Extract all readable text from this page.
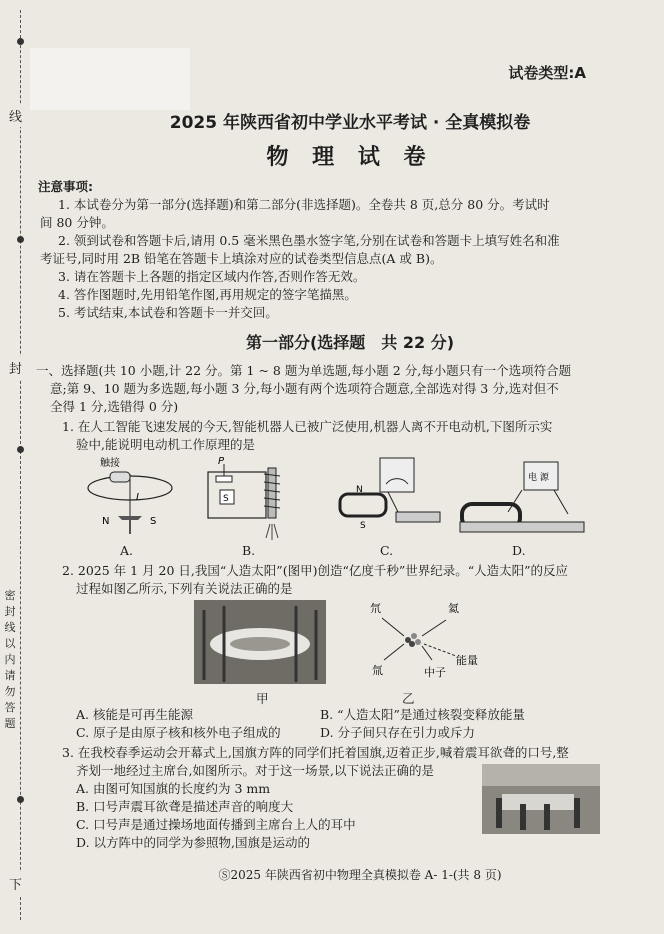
线
封
密封线以内请勿答题
下
试卷类型:A
2025 年陕西省初中学业水平考试 · 全真模拟卷
物 理 试 卷
注意事项:
1. 本试卷分为第一部分(选择题)和第二部分(非选择题)。全卷共 8 页,总分 80 分。考试时
间 80 分钟。
2. 领到试卷和答题卡后,请用 0.5 毫米黑色墨水签字笔,分别在试卷和答题卡上填写姓名和准
考证号,同时用 2B 铅笔在答题卡上填涂对应的试卷类型信息点(A 或 B)。
3. 请在答题卡上各题的指定区域内作答,否则作答无效。
4. 答作图题时,先用铅笔作图,再用规定的签字笔描黑。
5. 考试结束,本试卷和答题卡一并交回。
第一部分(选择题　共 22 分)
一、选择题(共 10 小题,计 22 分。第 1 ~ 8 题为单选题,每小题 2 分,每小题只有一个选项符合题
意;第 9、10 题为多选题,每小题 3 分,每小题有两个选项符合题意,全部选对得 3 分,选对但不
全得 1 分,选错得 0 分)
1. 在人工智能飞速发展的今天,智能机器人已被广泛使用,机器人离不开电动机,下图所示实
验中,能说明电动机工作原理的是
触接
I
N	S
A.
P
S
B.
N
S
C.
电 源
D.
2. 2025 年 1 月 20 日,我国“人造太阳”(图甲)创造“亿度千秒”世界纪录。“人造太阳”的反应
过程如图乙所示,下列有关说法正确的是
甲
氘	氦
氚	中子
能量
乙
A. 核能是可再生能源	B. “人造太阳”是通过核裂变释放能量
C. 原子是由原子核和核外电子组成的	D. 分子间只存在引力或斥力
3. 在我校春季运动会开幕式上,国旗方阵的同学们托着国旗,迈着正步,喊着震耳欲聋的口号,整
齐划一地经过主席台,如图所示。对于这一场景,以下说法正确的是
A. 由图可知国旗的长度约为 3 mm
B. 口号声震耳欲聋是描述声音的响度大
C. 口号声是通过操场地面传播到主席台上人的耳中
D. 以方阵中的同学为参照物,国旗是运动的
Ⓢ2025 年陕西省初中物理全真模拟卷 A- 1-(共 8 页)
